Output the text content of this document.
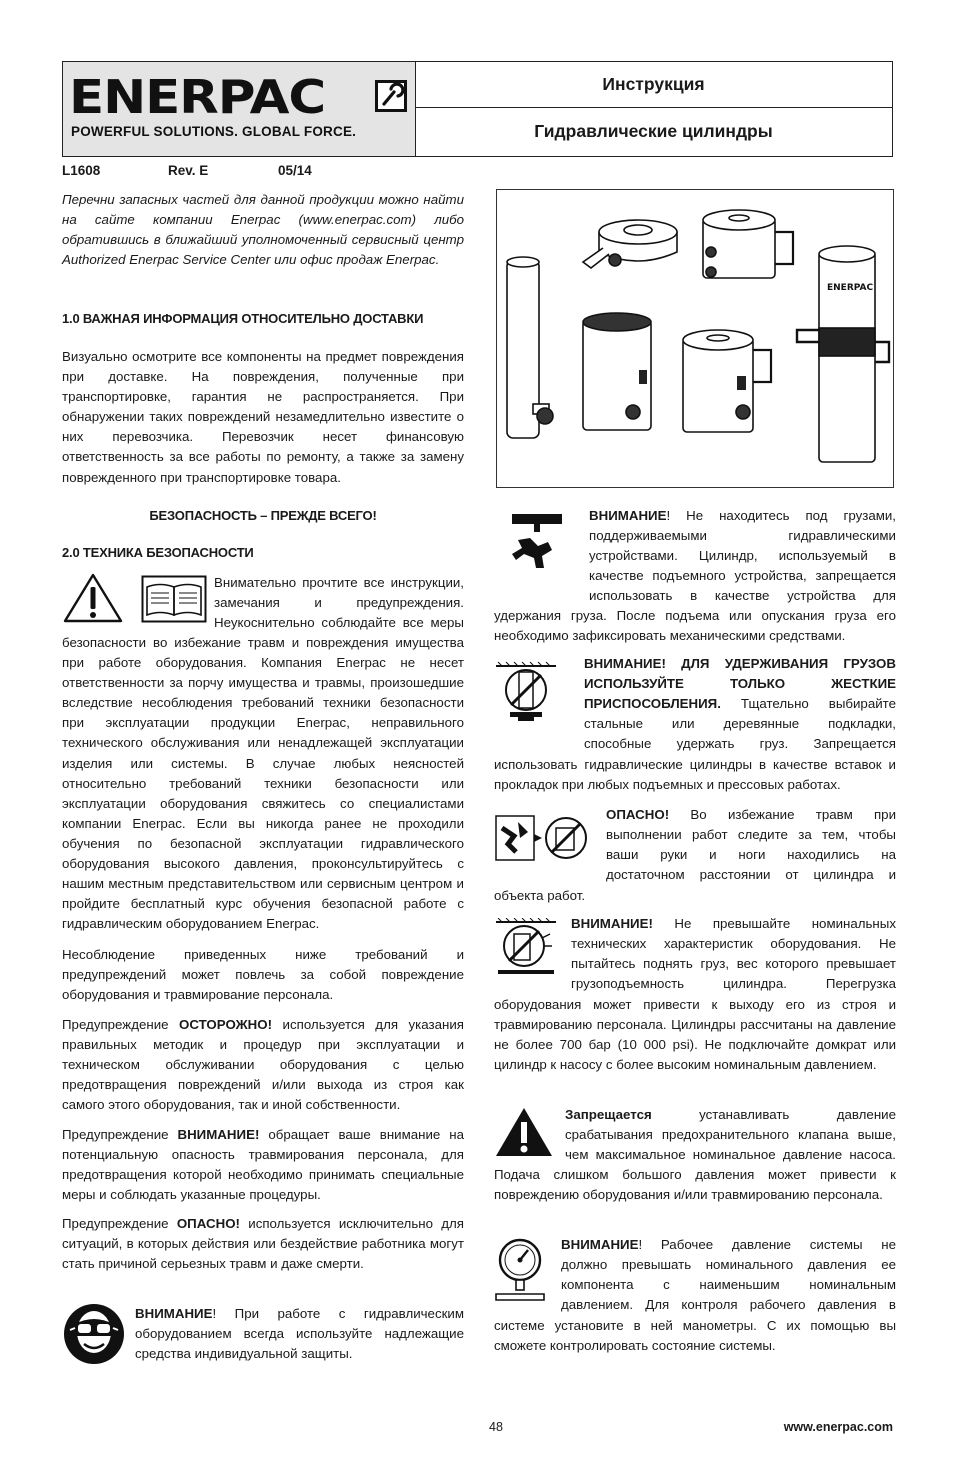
ENERPAC
POWERFUL SOLUTIONS. GLOBAL FORCE.
Инструкция
Гидравлические цилиндры
L1608	Rev. E	05/14
Перечни запасных частей для данной продукции можно найти на сайте компании Enerpac (www.enerpac.com) либо обратившись в ближайший уполномоченный сервисный центр Authorized Enerpac Service Center или офис продаж Enerpac.
1.0 ВАЖНАЯ ИНФОРМАЦИЯ ОТНОСИТЕЛЬНО ДОСТАВКИ
Визуально осмотрите все компоненты на предмет повреждения при доставке. На повреждения, полученные при транспортировке, гарантия не распространяется. При обнаружении таких повреждений незамедлительно известите о них перевозчика. Перевозчик несет финансовую ответственность за все работы по ремонту, а также за замену поврежденного при транспортировке товара.
БЕЗОПАСНОСТЬ – ПРЕЖДЕ ВСЕГО!
2.0 ТЕХНИКА БЕЗОПАСНОСТИ
Внимательно прочтите все инструкции,
замечания и предупреждения.
Неукоснительно соблюдайте все меры
безопасности во избежание травм и повреждения имущества при работе оборудования. Компания Enerpac не несет ответственности за порчу имущества и травмы, произошедшие вследствие несоблюдения требований техники безопасности при эксплуатации продукции Enerpac, неправильного технического обслуживания или ненадлежащей эксплуатации изделия или системы. В случае любых неясностей относительно требований техники безопасности или эксплуатации оборудования свяжитесь со специалистами компании Enerpac. Если вы никогда ранее не проходили обучения по безопасной эксплуатации гидравлического оборудования высокого давления, проконсультируйтесь с нашим местным представительством или сервисным центром и пройдите бесплатный курс обучения безопасной работе с гидравлическим оборудованием Enerpac.
Несоблюдение приведенных ниже требований и предупреждений может повлечь за собой повреждение оборудования и травмирование персонала.
Предупреждение ОСТОРОЖНО! используется для указания правильных методик и процедур при эксплуатации и техническом обслуживании оборудования с целью предотвращения повреждений и/или выхода из строя как самого этого оборудования, так и иной собственности.
Предупреждение ВНИМАНИЕ! обращает ваше внимание на потенциальную опасность травмирования персонала, для предотвращения которой необходимо принимать специальные меры и соблюдать указанные процедуры.
Предупреждение ОПАСНО! используется исключительно для ситуаций, в которых действия или бездействие работника могут стать причиной серьезных травм и даже смерти.
ВНИМАНИЕ! При работе с гидравлическим оборудованием всегда используйте надлежащие средства индивидуальной защиты.
ENERPAC
ВНИМАНИЕ! Не находитесь под грузами,
поддерживаемыми гидравлическими
устройствами. Цилиндр, используемый в
качестве подъемного устройства, запрещается
использовать в качестве устройства для
удержания груза. После подъема или опускания груза его необходимо зафиксировать механическими средствами.
ВНИМАНИЕ! ДЛЯ УДЕРЖИВАНИЯ ГРУЗОВ
ИСПОЛЬЗУЙТЕ ТОЛЬКО ЖЕСТКИЕ
ПРИСПОСОБЛЕНИЯ. Тщательно выбирайте
стальные или деревянные подкладки,
способные удержать груз. Запрещается
использовать гидравлические цилиндры в качестве вставок и прокладок при любых подъемных и прессовых работах.
ОПАСНО! Во избежание травм при
выполнении работ следите за тем, чтобы
ваши руки и ноги находились на
достаточном расстоянии от цилиндра и
объекта работ.
ВНИМАНИЕ! Не превышайте номинальных
технических характеристик оборудования. Не
пытайтесь поднять груз, вес которого превышает
грузоподъемность цилиндра. Перегрузка
оборудования может привести к выходу его из строя и травмированию персонала. Цилиндры рассчитаны на давление не более 700 бар (10 000 psi). Не подключайте домкрат или цилиндр к насосу с более высоким номинальным давлением.
Запрещается устанавливать давление
срабатывания предохранительного клапана выше,
чем максимальное номинальное давление насоса.
Подача слишком большого давления может привести к повреждению оборудования и/или травмированию персонала.
ВНИМАНИЕ! Рабочее давление системы не
должно превышать номинального давления ее
компонента с наименьшим номинальным
давлением. Для контроля рабочего давления в
системе установите в ней манометры. С их помощью вы сможете контролировать состояние системы.
48	www.enerpac.com
